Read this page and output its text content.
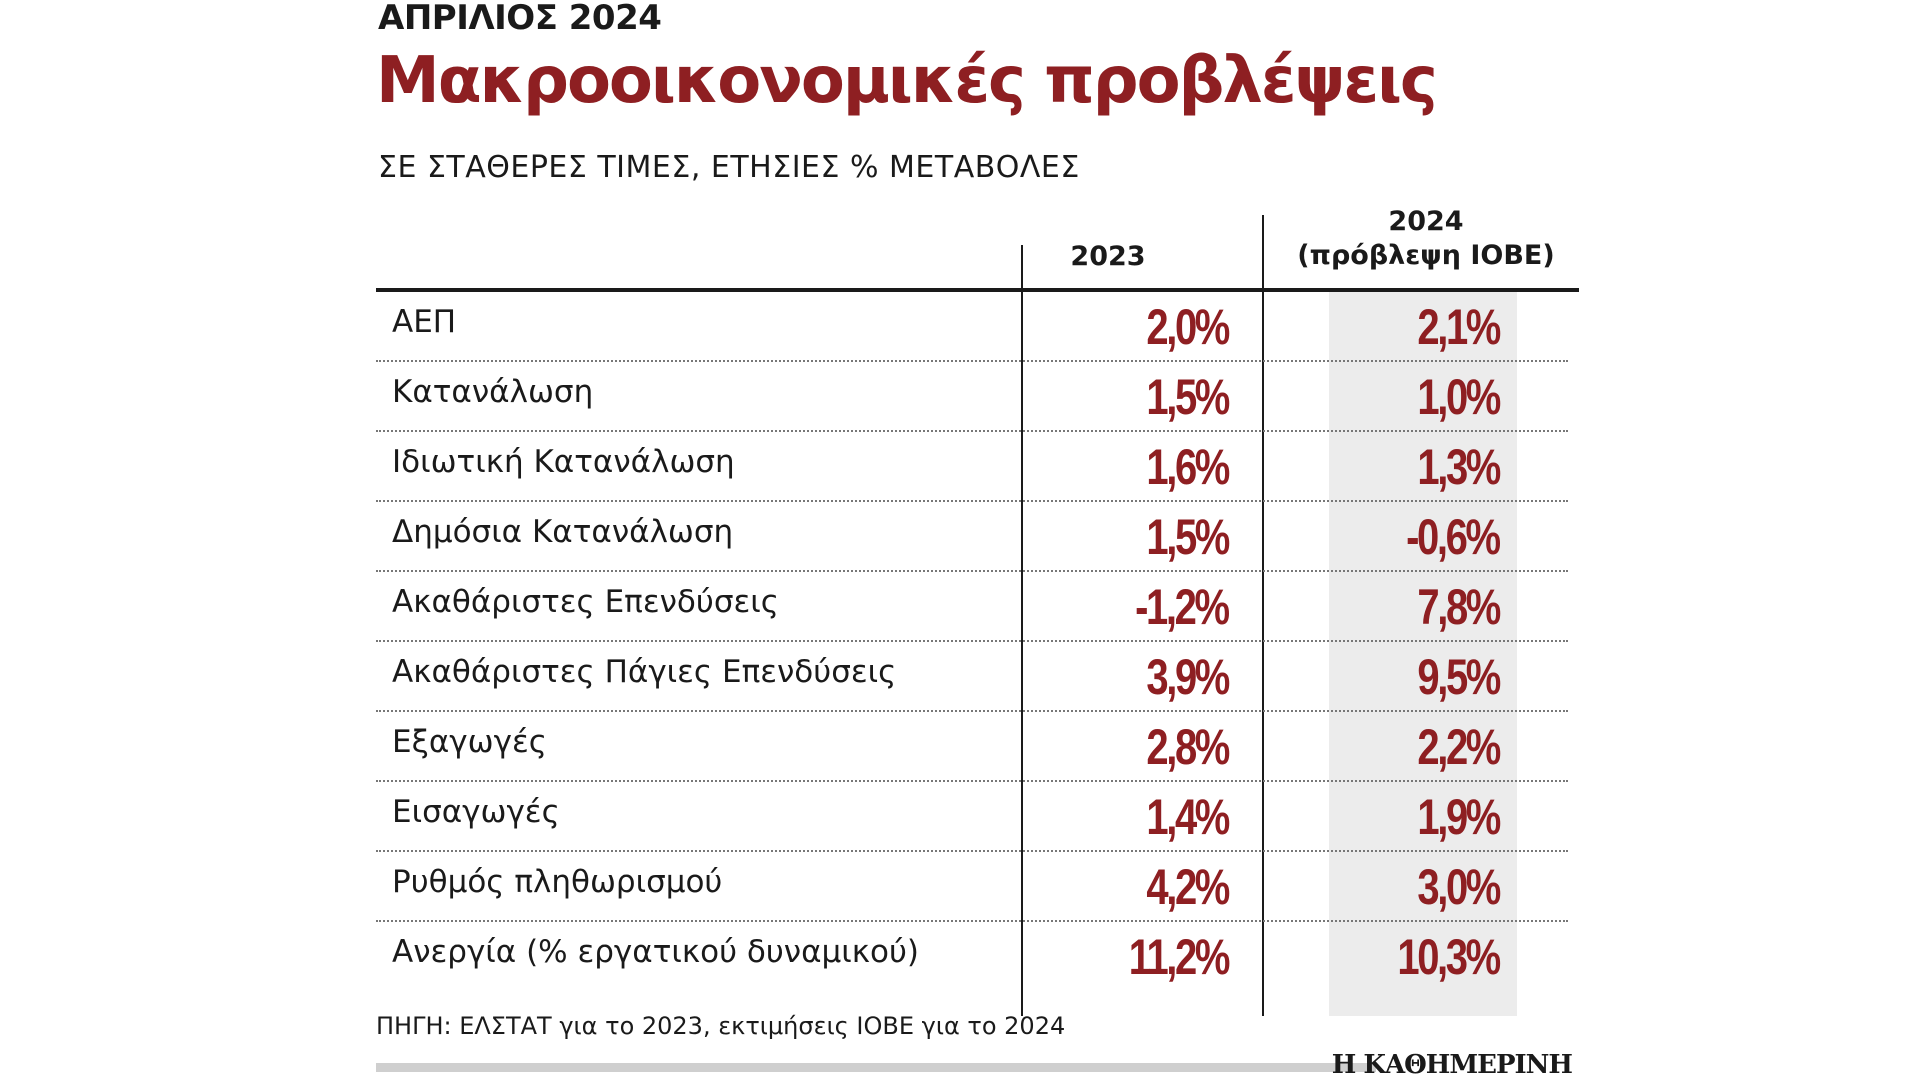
ΑΠΡΙΛΙΟΣ 2024
Μακροοικονομικές προβλέψεις
ΣΕ ΣΤΑΘΕΡΕΣ ΤΙΜΕΣ, ΕΤΗΣΙΕΣ % ΜΕΤΑΒΟΛΕΣ
2023
2024
(πρόβλεψη ΙΟΒΕ)
ΑΕΠ	2,0%	2,1%
Κατανάλωση	1,5%	1,0%
Ιδιωτική Κατανάλωση	1,6%	1,3%
Δημόσια Κατανάλωση	1,5%	-0,6%
Ακαθάριστες Επενδύσεις	-1,2%	7,8%
Ακαθάριστες Πάγιες Επενδύσεις	3,9%	9,5%
Εξαγωγές	2,8%	2,2%
Εισαγωγές	1,4%	1,9%
Ρυθμός πληθωρισμού	4,2%	3,0%
Ανεργία (% εργατικού δυναμικού)	11,2%	10,3%
ΠΗΓΗ: ΕΛΣΤΑΤ για το 2023, εκτιμήσεις ΙΟΒΕ για το 2024
Η ΚΑΘΗΜΕΡΙΝΗ
